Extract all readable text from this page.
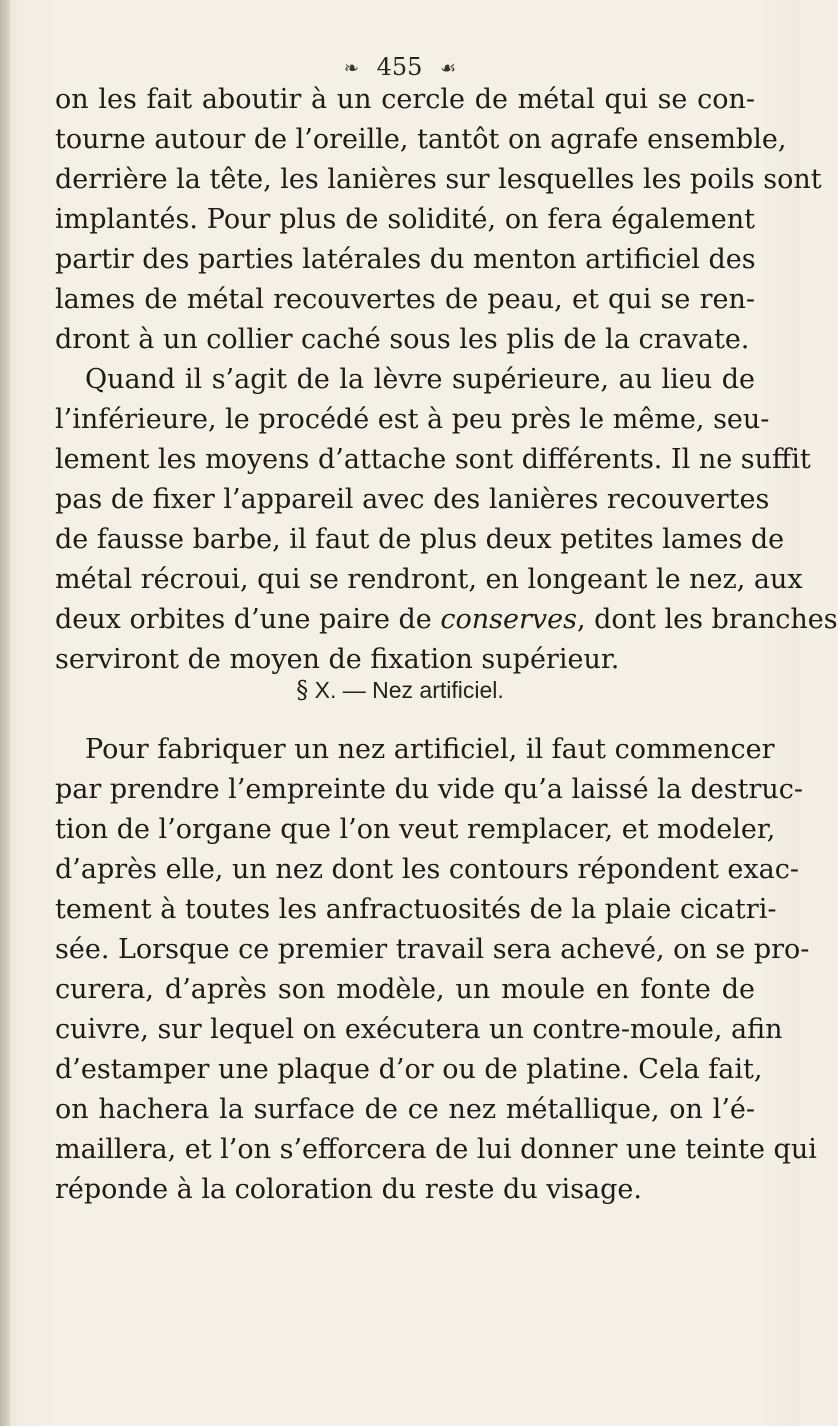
❧ 455 ☙
on les fait aboutir à un cercle de métal qui se con-
tourne autour de l’oreille, tantôt on agrafe ensemble,
derrière la tête, les lanières sur lesquelles les poils sont
implantés. Pour plus de solidité, on fera également
partir des parties latérales du menton artificiel des
lames de métal recouvertes de peau, et qui se ren-
dront à un collier caché sous les plis de la cravate.
Quand il s’agit de la lèvre supérieure, au lieu de
l’inférieure, le procédé est à peu près le même, seu-
lement les moyens d’attache sont différents. Il ne suffit
pas de fixer l’appareil avec des lanières recouvertes
de fausse barbe, il faut de plus deux petites lames de
métal récroui, qui se rendront, en longeant le nez, aux
deux orbites d’une paire de conserves, dont les branches
serviront de moyen de fixation supérieur.
§ X. — Nez artificiel.
Pour fabriquer un nez artificiel, il faut commencer
par prendre l’empreinte du vide qu’a laissé la destruc-
tion de l’organe que l’on veut remplacer, et modeler,
d’après elle, un nez dont les contours répondent exac-
tement à toutes les anfractuosités de la plaie cicatri-
sée. Lorsque ce premier travail sera achevé, on se pro-
curera, d’après son modèle, un moule en fonte de
cuivre, sur lequel on exécutera un contre-moule, afin
d’estamper une plaque d’or ou de platine. Cela fait,
on hachera la surface de ce nez métallique, on l’é-
maillera, et l’on s’efforcera de lui donner une teinte qui
réponde à la coloration du reste du visage.
